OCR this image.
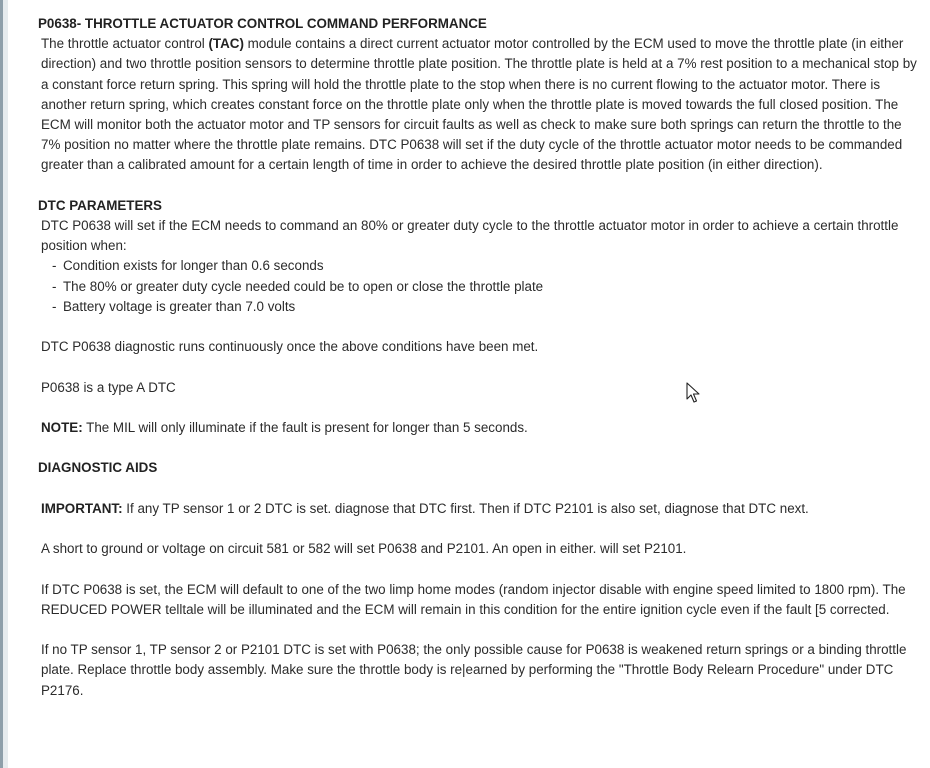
P0638- THROTTLE ACTUATOR CONTROL COMMAND PERFORMANCE

The throttle actuator control (TAC) module contains a direct current actuator motor controlled by the ECM used to move the throttle plate (in either direction) and two throttle position sensors to determine throttle plate position. The throttle plate is held at a 7% rest position to a mechanical stop by a constant force return spring. This spring will hold the throttle plate to the stop when there is no current flowing to the actuator motor. There is another return spring, which creates constant force on the throttle plate only when the throttle plate is moved towards the full closed position. The ECM will monitor both the actuator motor and TP sensors for circuit faults as well as check to make sure both springs can return the throttle to the 7% position no matter where the throttle plate remains. DTC P0638 will set if the duty cycle of the throttle actuator motor needs to be commanded greater than a calibrated amount for a certain length of time in order to achieve the desired throttle plate position (in either direction).

DTC PARAMETERS

DTC P0638 will set if the ECM needs to command an 80% or greater duty cycle to the throttle actuator motor in order to achieve a certain throttle position when:

- Condition exists for longer than 0.6 seconds
- The 80% or greater duty cycle needed could be to open or close the throttle plate
- Battery voltage is greater than 7.0 volts

DTC P0638 diagnostic runs continuously once the above conditions have been met.

P0638 is a type A DTC

NOTE: The MIL will only illuminate if the fault is present for longer than 5 seconds.

DIAGNOSTIC AIDS

IMPORTANT: If any TP sensor 1 or 2 DTC is set. diagnose that DTC first. Then if DTC P2101 is also set, diagnose that DTC next.

A short to ground or voltage on circuit 581 or 582 will set P0638 and P2101. An open in either. will set P2101.

If DTC P0638 is set, the ECM will default to one of the two limp home modes (random injector disable with engine speed limited to 1800 rpm). The REDUCED POWER telltale will be illuminated and the ECM will remain in this condition for the entire ignition cycle even if the fault [5 corrected.

If no TP sensor 1, TP sensor 2 or P2101 DTC is set with P0638; the only possible cause for P0638 is weakened return springs or a binding throttle plate. Replace throttle body assembly. Make sure the throttle body is re|earned by performing the "Throttle Body Relearn Procedure" under DTC P2176.
